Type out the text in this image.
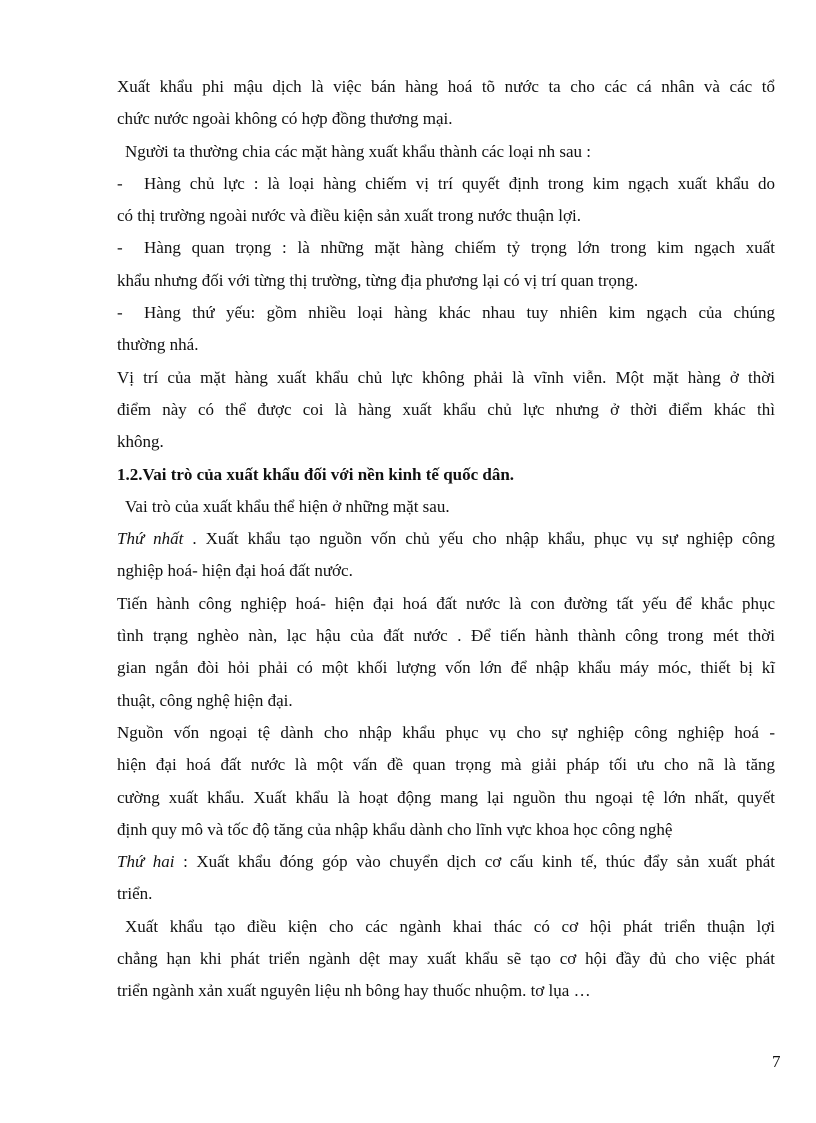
Xuất khẩu phi mậu dịch là việc bán hàng hoá tõ nước ta cho các cá nhân và các tổ
chức nước ngoài không có hợp đồng thương mại.
Người ta thường chia các mặt hàng xuất khẩu thành các loại nh sau :
-	Hàng chủ lực : là loại hàng chiếm vị trí quyết định trong kim ngạch xuất khẩu do
có thị trường ngoài nước và điều kiện sản xuất trong nước thuận lợi.
-	Hàng quan trọng : là những mặt hàng chiếm tỷ trọng lớn trong kim ngạch xuất
khẩu nhưng đối với từng thị trường, từng địa phương lại có vị trí quan trọng.
-	Hàng thứ yếu: gồm nhiều loại hàng khác nhau tuy nhiên kim ngạch của chúng
thường nhá.
Vị trí của mặt hàng xuất khẩu chủ lực không phải là vĩnh viễn. Một mặt hàng ở thời
điểm này có thể được coi là hàng xuất khẩu chủ lực nhưng ở thời điểm khác thì
không.
1.2.Vai trò của xuất khẩu đối với nền kinh tế quốc dân.
Vai trò của xuất khẩu thể hiện ở những mặt sau.
Thứ nhất . Xuất khẩu tạo nguồn vốn chủ yếu cho nhập khẩu, phục vụ sự nghiệp công
nghiệp hoá- hiện đại hoá đất nước.
Tiến hành công nghiệp hoá- hiện đại hoá đất nước là con đường tất yếu để khắc phục
tình trạng nghèo nàn, lạc hậu của đất nước . Để tiến hành thành công trong mét thời
gian ngắn đòi hỏi phải có một khối lượng vốn lớn để nhập khẩu máy móc, thiết bị kĩ
thuật, công nghệ hiện đại.
Nguồn vốn ngoại tệ dành cho nhập khẩu phục vụ cho sự nghiệp công nghiệp hoá -
hiện đại hoá đất nước là một vấn đề quan trọng mà giải pháp tối ưu cho nã là tăng
cường xuất khẩu. Xuất khẩu là hoạt động mang lại nguồn thu ngoại tệ lớn nhất, quyết
định quy mô và tốc độ tăng của nhập khẩu dành cho lĩnh vực khoa học công nghệ
Thứ hai : Xuất khẩu đóng góp vào chuyển dịch cơ cấu kinh tế, thúc đẩy sản xuất phát
triển.
Xuất khẩu tạo điều kiện cho các ngành khai thác có cơ hội phát triển thuận lợi
chẳng hạn khi phát triển ngành dệt may xuất khẩu sẽ tạo cơ hội đầy đủ cho việc phát
triển ngành xản xuất nguyên liệu nh bông hay thuốc nhuộm. tơ lụa …
7
